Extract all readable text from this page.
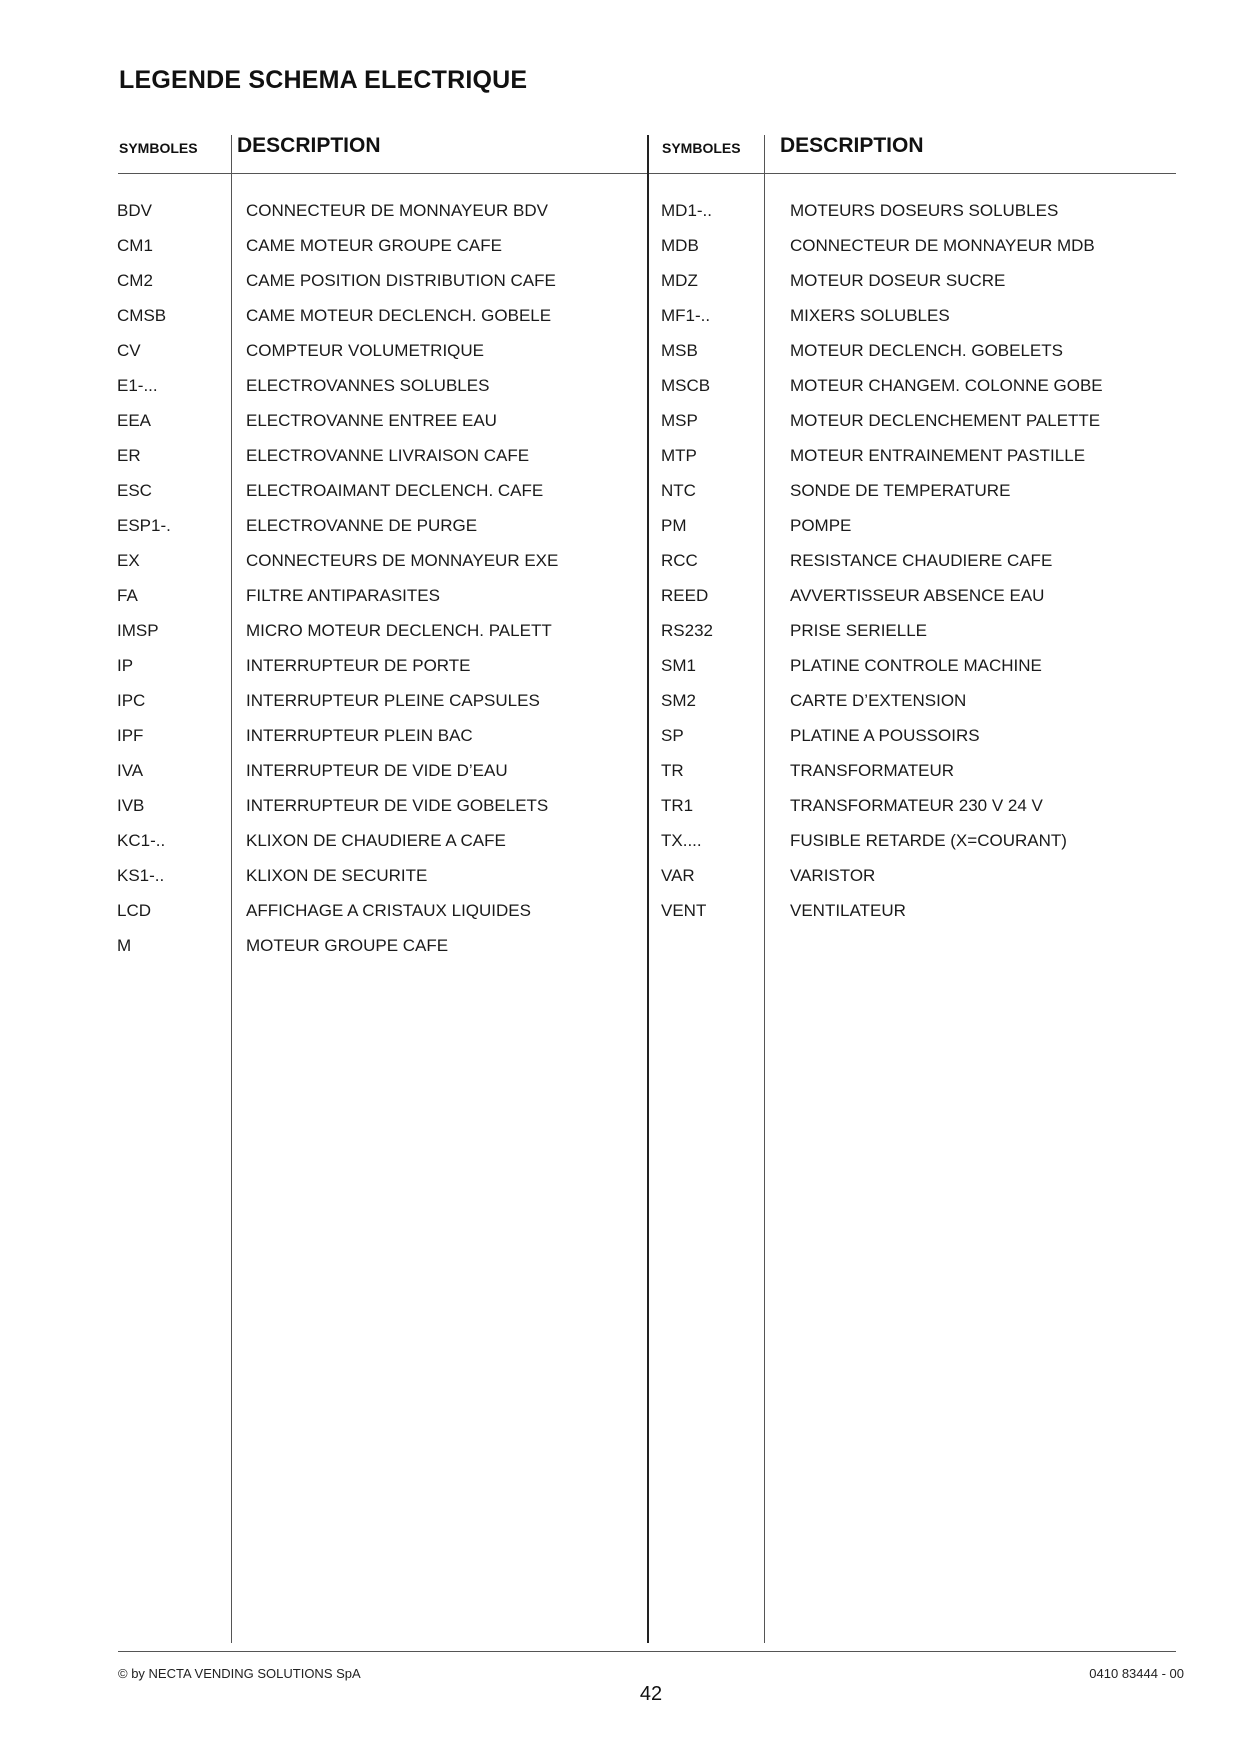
LEGENDE SCHEMA ELECTRIQUE
SYMBOLES DESCRIPTION	SYMBOLES DESCRIPTION
BDV	CONNECTEUR DE MONNAYEUR BDV
CM1	CAME MOTEUR GROUPE CAFE
CM2	CAME POSITION DISTRIBUTION CAFE
CMSB	CAME MOTEUR DECLENCH. GOBELE
CV	COMPTEUR VOLUMETRIQUE
E1-...	ELECTROVANNES SOLUBLES
EEA	ELECTROVANNE ENTREE EAU
ER	ELECTROVANNE LIVRAISON CAFE
ESC	ELECTROAIMANT DECLENCH. CAFE
ESP1-.	ELECTROVANNE DE PURGE
EX	CONNECTEURS DE MONNAYEUR EXE
FA	FILTRE ANTIPARASITES
IMSP	MICRO MOTEUR DECLENCH. PALETT
IP	INTERRUPTEUR DE PORTE
IPC	INTERRUPTEUR PLEINE CAPSULES
IPF	INTERRUPTEUR PLEIN BAC
IVA	INTERRUPTEUR DE VIDE D’EAU
IVB	INTERRUPTEUR DE VIDE GOBELETS
KC1-..	KLIXON DE CHAUDIERE A CAFE
KS1-..	KLIXON DE SECURITE
LCD	AFFICHAGE A CRISTAUX LIQUIDES
M	MOTEUR GROUPE CAFE
MD1-..	MOTEURS DOSEURS SOLUBLES
MDB	CONNECTEUR DE MONNAYEUR MDB
MDZ	MOTEUR DOSEUR SUCRE
MF1-..	MIXERS SOLUBLES
MSB	MOTEUR DECLENCH. GOBELETS
MSCB	MOTEUR CHANGEM. COLONNE GOBE
MSP	MOTEUR DECLENCHEMENT PALETTE
MTP	MOTEUR ENTRAINEMENT PASTILLE
NTC	SONDE DE TEMPERATURE
PM	POMPE
RCC	RESISTANCE CHAUDIERE CAFE
REED	AVVERTISSEUR ABSENCE EAU
RS232	PRISE SERIELLE
SM1	PLATINE CONTROLE MACHINE
SM2	CARTE D’EXTENSION
SP	PLATINE A POUSSOIRS
TR	TRANSFORMATEUR
TR1	TRANSFORMATEUR 230 V 24 V
TX....	FUSIBLE RETARDE (X=COURANT)
VAR	VARISTOR
VENT	VENTILATEUR
© by NECTA VENDING SOLUTIONS SpA	0410 83444 - 00
42
